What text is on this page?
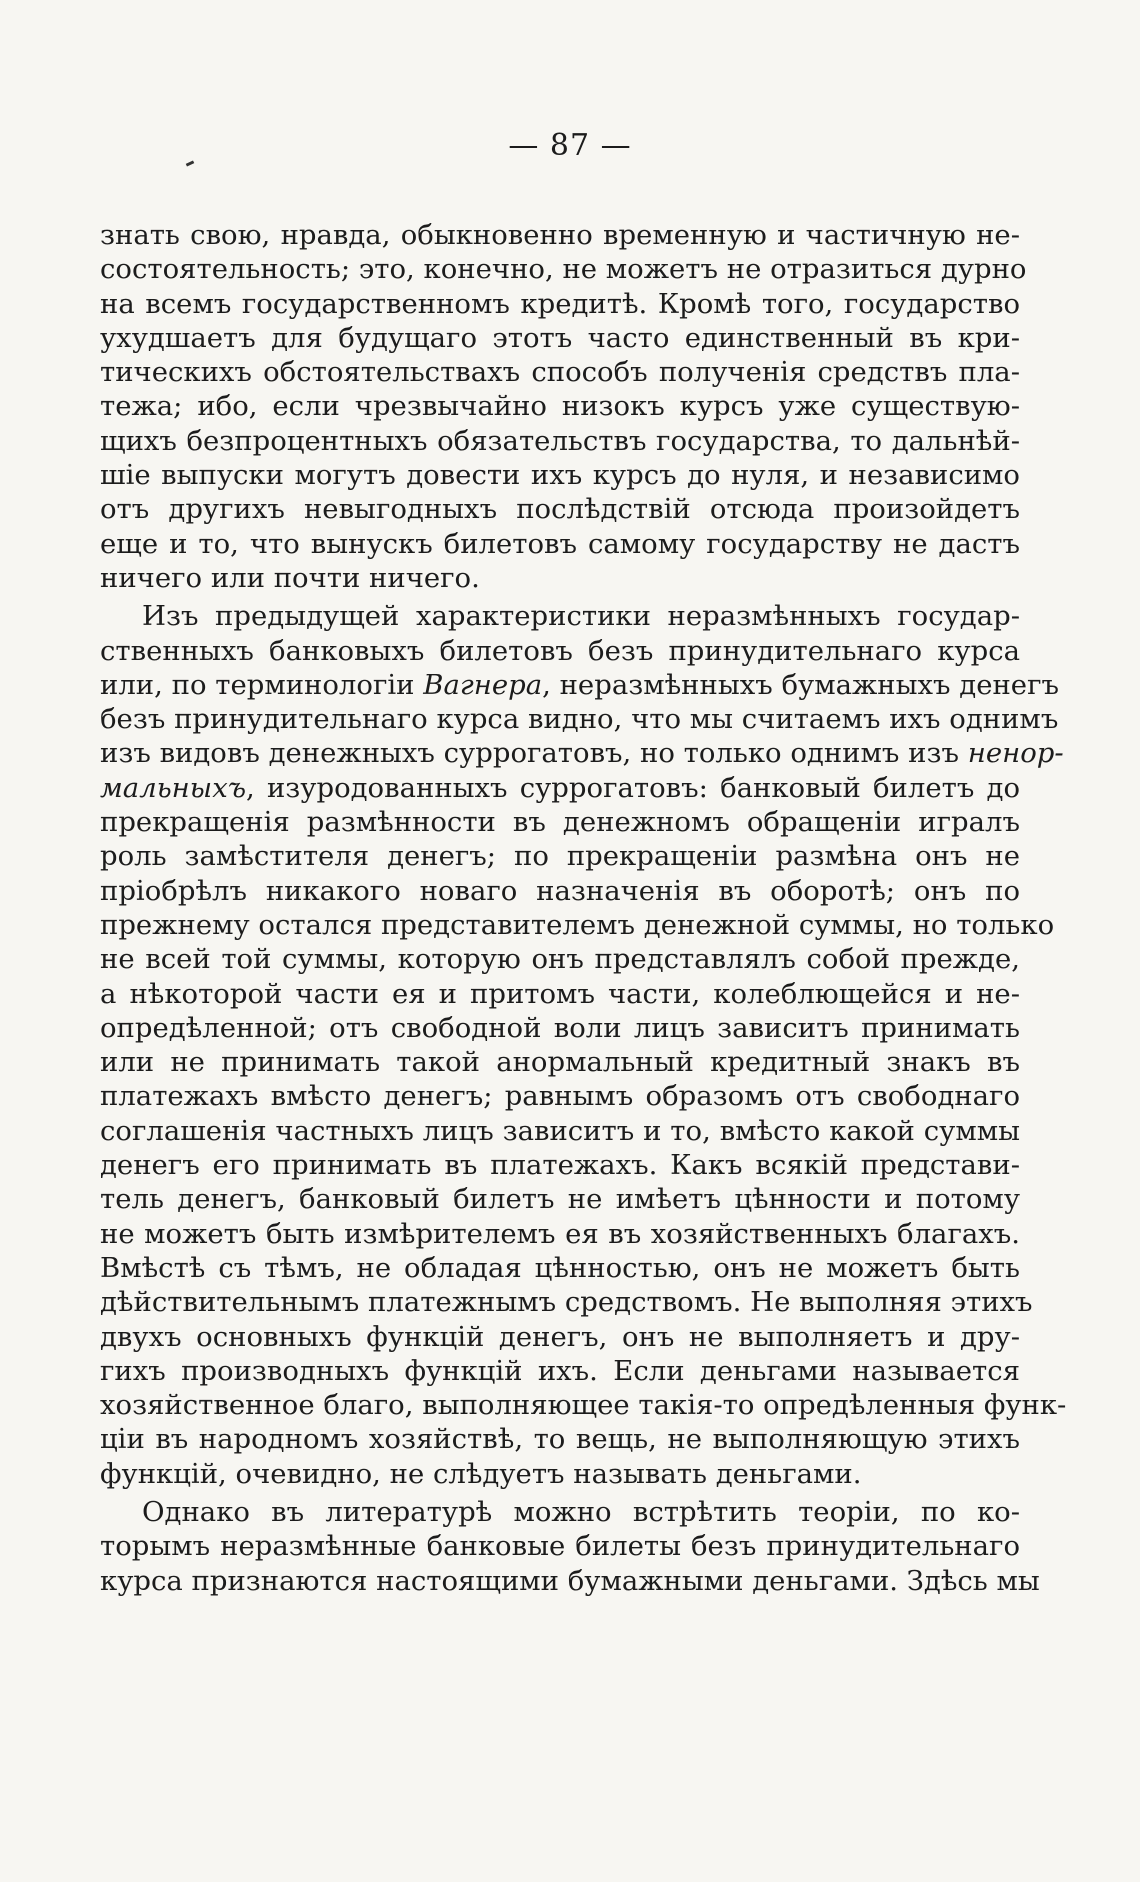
— 87 —
знать свою, нравда, обыкновенно временную и частичную не-
состоятельность; это, конечно, не можетъ не отразиться дурно
на всемъ государственномъ кредитѣ. Кромѣ того, государство
ухудшаетъ для будущаго этотъ часто единственный въ кри-
тическихъ обстоятельствахъ способъ полученія средствъ пла-
тежа; ибо, если чрезвычайно низокъ курсъ уже существую-
щихъ безпроцентныхъ обязательствъ государства, то дальнѣй-
шіе выпуски могутъ довести ихъ курсъ до нуля, и независимо
отъ другихъ невыгодныхъ послѣдствій отсюда произойдетъ
еще и то, что вынускъ билетовъ самому государству не дастъ
ничего или почти ничего.
Изъ предыдущей характеристики неразмѣнныхъ государ-
ственныхъ банковыхъ билетовъ безъ принудительнаго курса
или, по терминологіи Вагнера, неразмѣнныхъ бумажныхъ денегъ
безъ принудительнаго курса видно, что мы считаемъ ихъ однимъ
изъ видовъ денежныхъ суррогатовъ, но только однимъ изъ ненор-
мальныхъ, изуродованныхъ суррогатовъ: банковый билетъ до
прекращенія размѣнности въ денежномъ обращеніи игралъ
роль замѣстителя денегъ; по прекращеніи размѣна онъ не
пріобрѣлъ никакого новаго назначенія въ оборотѣ; онъ по
прежнему остался представителемъ денежной суммы, но только
не всей той суммы, которую онъ представлялъ собой прежде,
а нѣкоторой части ея и притомъ части, колеблющейся и не-
опредѣленной; отъ свободной воли лицъ зависитъ принимать
или не принимать такой анормальный кредитный знакъ въ
платежахъ вмѣсто денегъ; равнымъ образомъ отъ свободнаго
соглашенія частныхъ лицъ зависитъ и то, вмѣсто какой суммы
денегъ его принимать въ платежахъ. Какъ всякій представи-
тель денегъ, банковый билетъ не имѣетъ цѣнности и потому
не можетъ быть измѣрителемъ ея въ хозяйственныхъ благахъ.
Вмѣстѣ съ тѣмъ, не обладая цѣнностью, онъ не можетъ быть
дѣйствительнымъ платежнымъ средствомъ. Не выполняя этихъ
двухъ основныхъ функцій денегъ, онъ не выполняетъ и дру-
гихъ производныхъ функцій ихъ. Если деньгами называется
хозяйственное благо, выполняющее такія-то опредѣленныя функ-
ціи въ народномъ хозяйствѣ, то вещь, не выполняющую этихъ
функцій, очевидно, не слѣдуетъ называть деньгами.
Однако въ литературѣ можно встрѣтить теоріи, по ко-
торымъ неразмѣнные банковые билеты безъ принудительнаго
курса признаются настоящими бумажными деньгами. Здѣсь мы
